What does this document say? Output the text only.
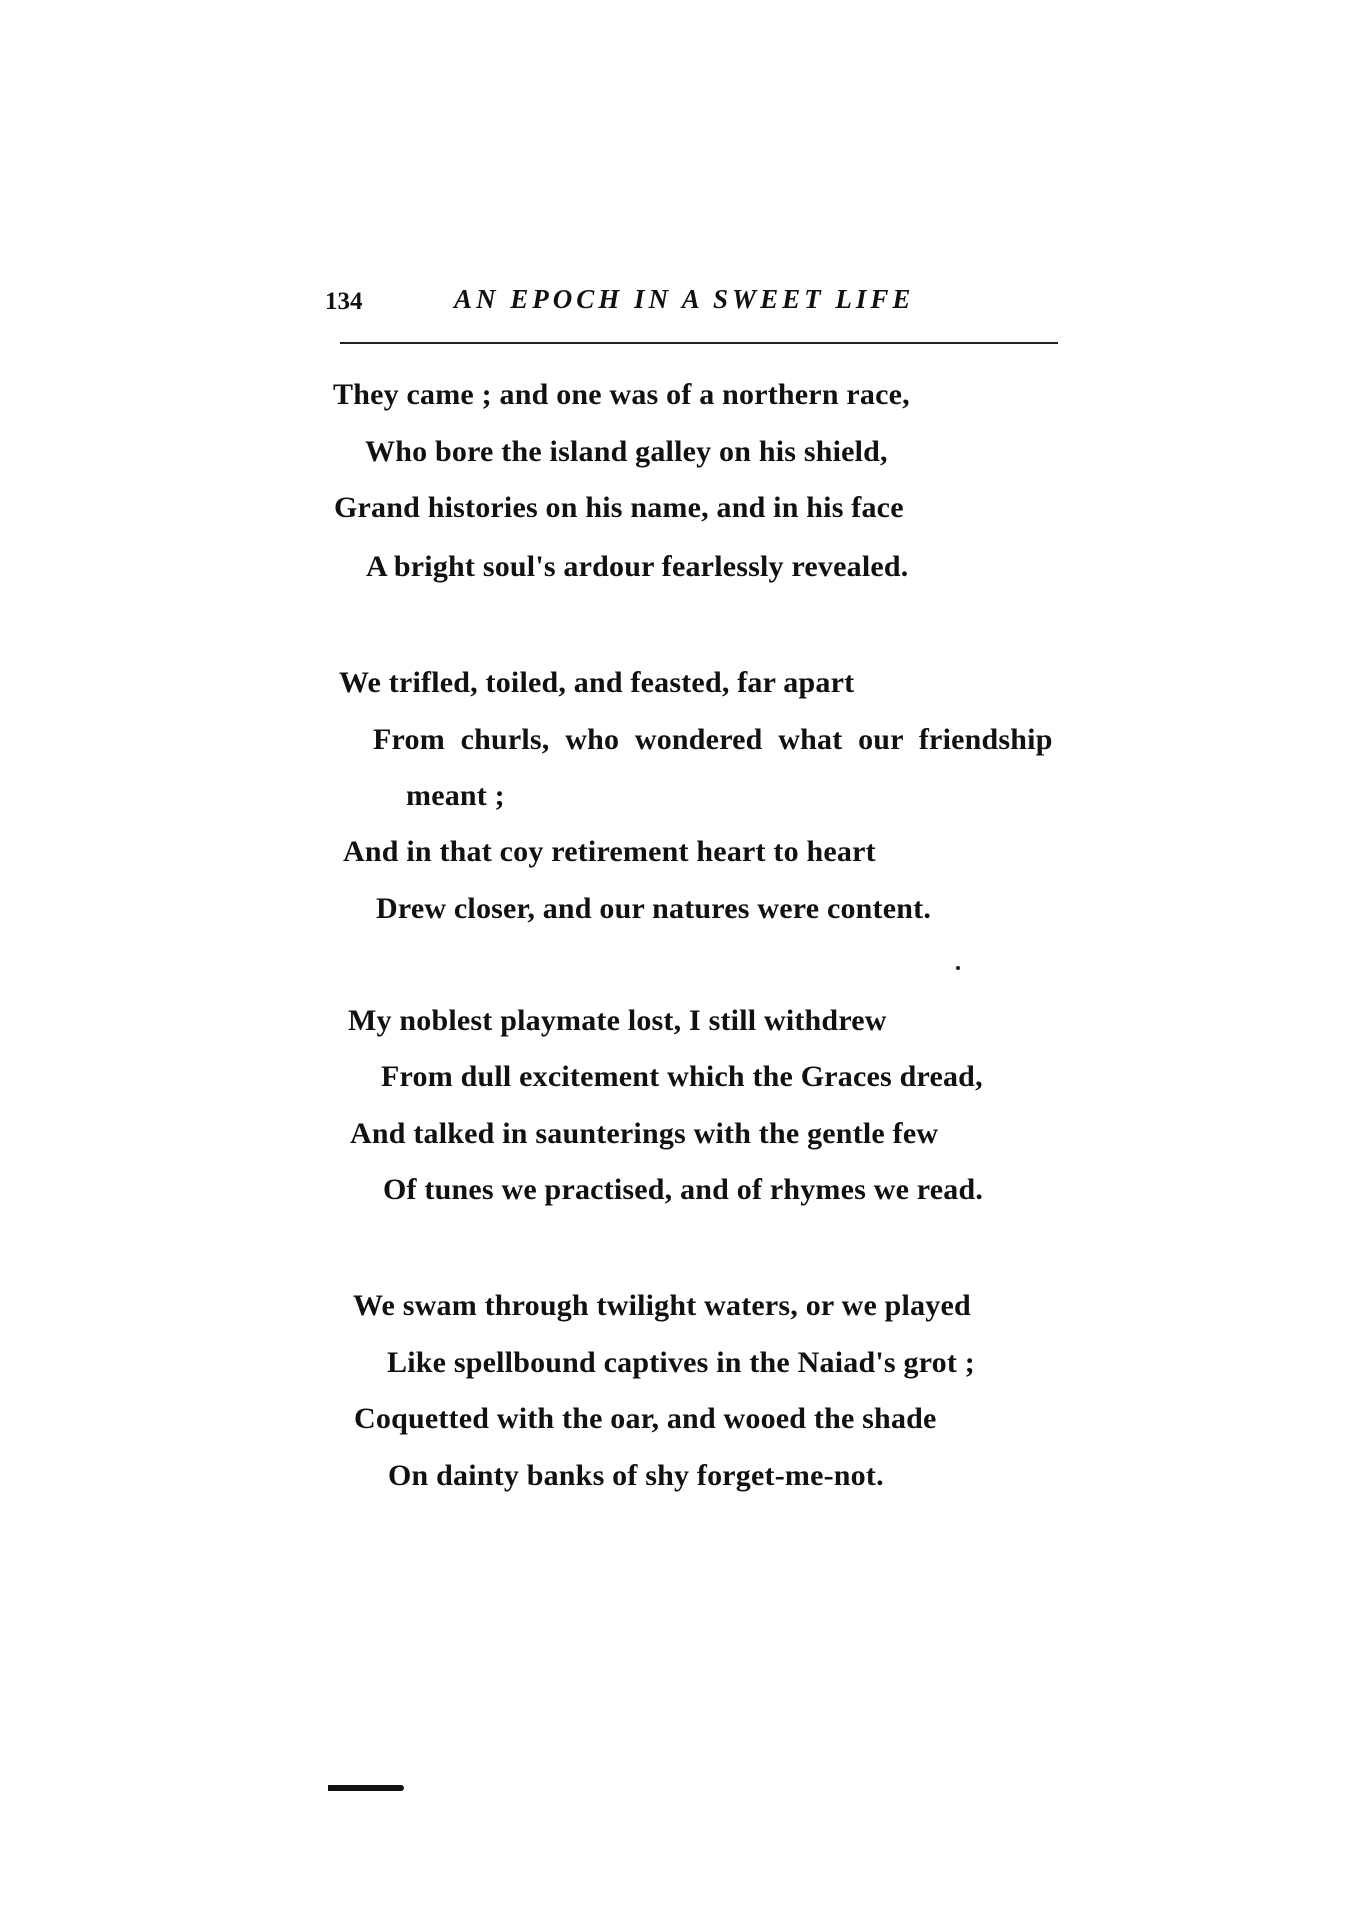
134	AN EPOCH IN A SWEET LIFE
They came ; and one was of a northern race,
Who bore the island galley on his shield,
Grand histories on his name, and in his face
A bright soul's ardour fearlessly revealed.
We trifled, toiled, and feasted, far apart
From churls, who wondered what our friendship
meant ;
And in that coy retirement heart to heart
Drew closer, and our natures were content.
My noblest playmate lost, I still withdrew
From dull excitement which the Graces dread,
And talked in saunterings with the gentle few
Of tunes we practised, and of rhymes we read.
We swam through twilight waters, or we played
Like spellbound captives in the Naiad's grot ;
Coquetted with the oar, and wooed the shade
On dainty banks of shy forget-me-not.
